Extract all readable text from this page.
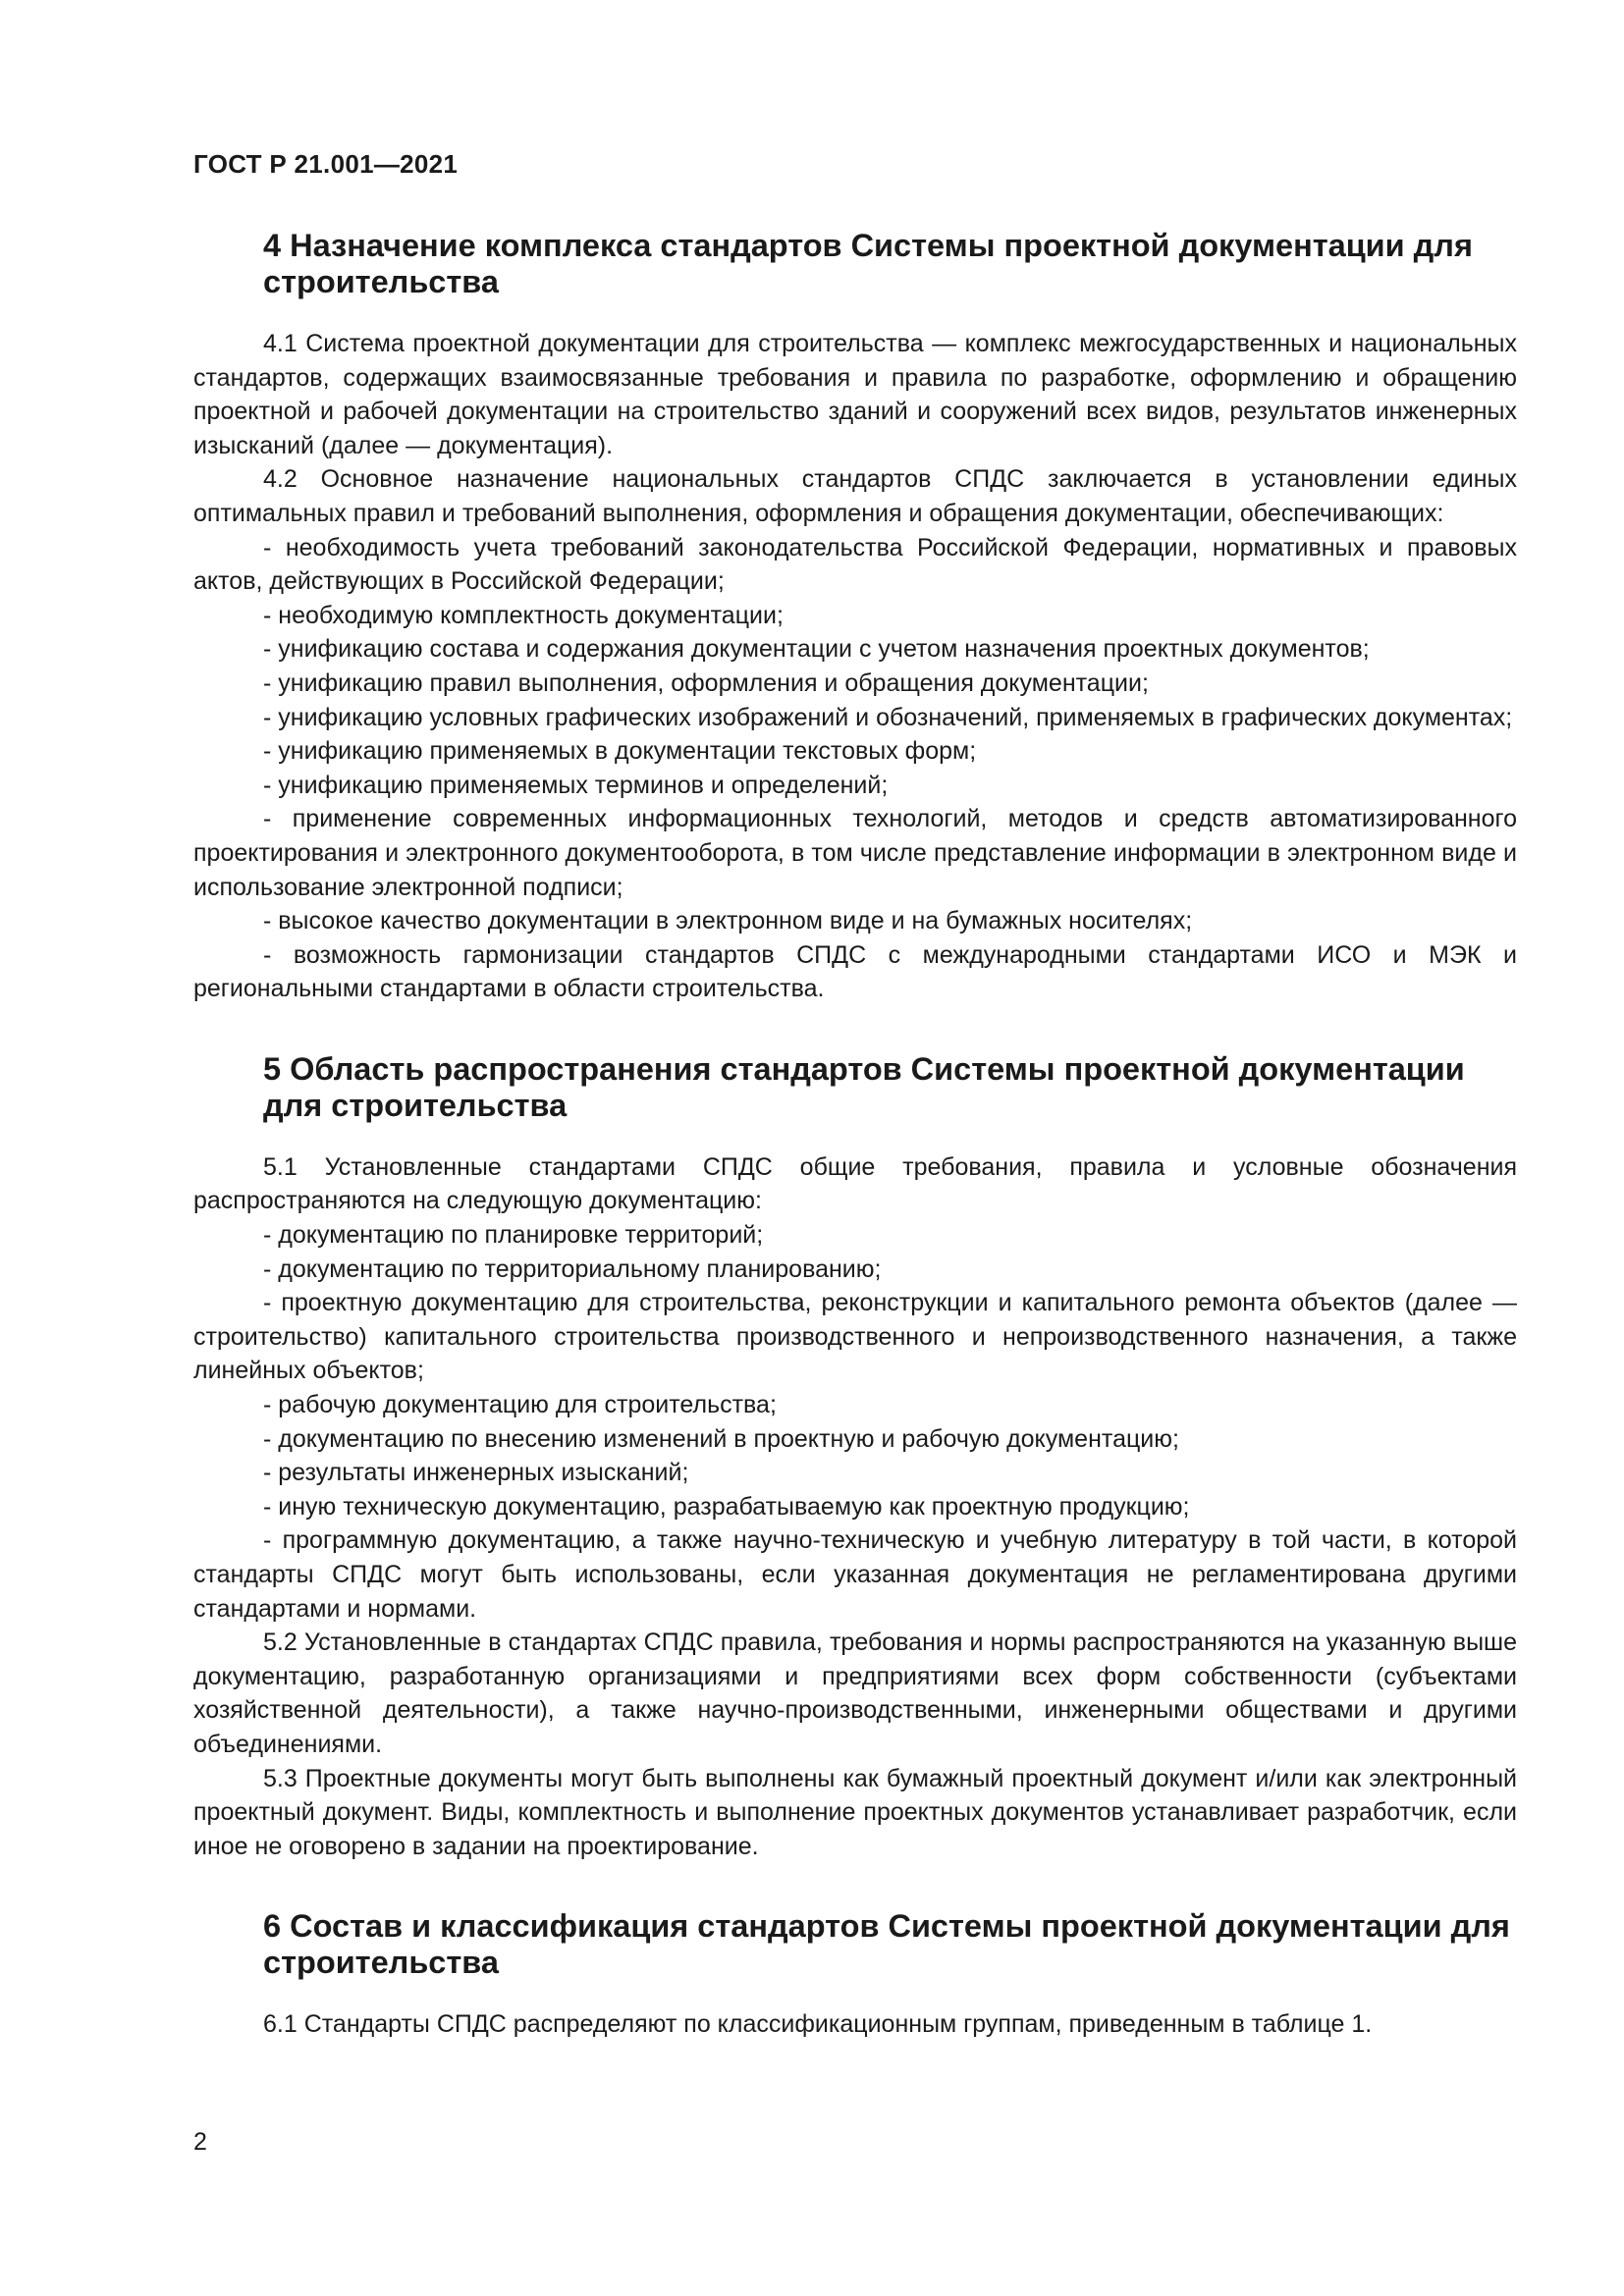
ГОСТ Р 21.001—2021
4 Назначение комплекса стандартов Системы проектной документации для строительства

4.1 Система проектной документации для строительства — комплекс межгосударственных и национальных стандартов, содержащих взаимосвязанные требования и правила по разработке, оформлению и обращению проектной и рабочей документации на строительство зданий и сооружений всех видов, результатов инженерных изысканий (далее — документация).

4.2 Основное назначение национальных стандартов СПДС заключается в установлении единых оптимальных правил и требований выполнения, оформления и обращения документации, обеспечивающих:

- необходимость учета требований законодательства Российской Федерации, нормативных и правовых актов, действующих в Российской Федерации;

- необходимую комплектность документации;

- унификацию состава и содержания документации с учетом назначения проектных документов;

- унификацию правил выполнения, оформления и обращения документации;

- унификацию условных графических изображений и обозначений, применяемых в графических документах;

- унификацию применяемых в документации текстовых форм;

- унификацию применяемых терминов и определений;

- применение современных информационных технологий, методов и средств автоматизированного проектирования и электронного документооборота, в том числе представление информации в электронном виде и использование электронной подписи;

- высокое качество документации в электронном виде и на бумажных носителях;

- возможность гармонизации стандартов СПДС с международными стандартами ИСО и МЭК и региональными стандартами в области строительства.

5 Область распространения стандартов Системы проектной документации для строительства

5.1 Установленные стандартами СПДС общие требования, правила и условные обозначения распространяются на следующую документацию:

- документацию по планировке территорий;

- документацию по территориальному планированию;

- проектную документацию для строительства, реконструкции и капитального ремонта объектов (далее — строительство) капитального строительства производственного и непроизводственного назначения, а также линейных объектов;

- рабочую документацию для строительства;

- документацию по внесению изменений в проектную и рабочую документацию;

- результаты инженерных изысканий;

- иную техническую документацию, разрабатываемую как проектную продукцию;

- программную документацию, а также научно-техническую и учебную литературу в той части, в которой стандарты СПДС могут быть использованы, если указанная документация не регламентирована другими стандартами и нормами.

5.2 Установленные в стандартах СПДС правила, требования и нормы распространяются на указанную выше документацию, разработанную организациями и предприятиями всех форм собственности (субъектами хозяйственной деятельности), а также научно-производственными, инженерными обществами и другими объединениями.

5.3 Проектные документы могут быть выполнены как бумажный проектный документ и/или как электронный проектный документ. Виды, комплектность и выполнение проектных документов устанавливает разработчик, если иное не оговорено в задании на проектирование.

6 Состав и классификация стандартов Системы проектной документации для строительства

6.1 Стандарты СПДС распределяют по классификационным группам, приведенным в таблице 1.

2
